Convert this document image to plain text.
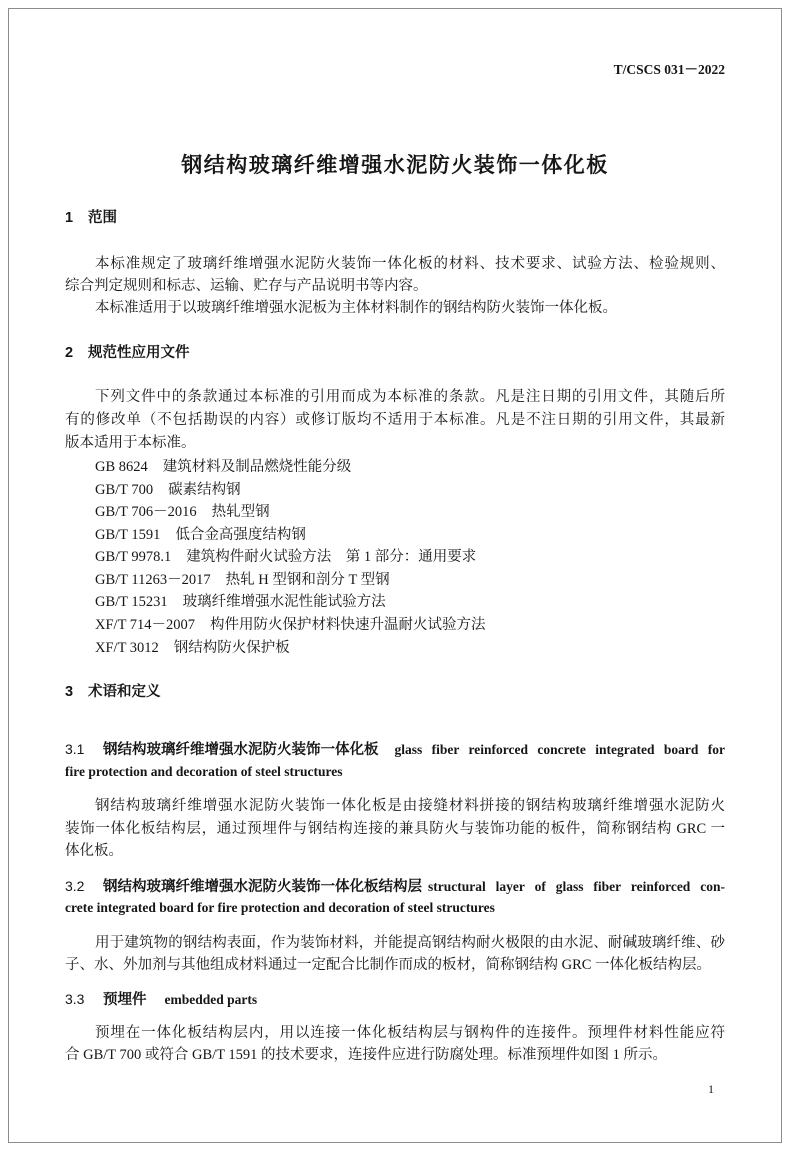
T/CSCS 031－2022
钢结构玻璃纤维增强水泥防火装饰一体化板
1 范围
本标准规定了玻璃纤维增强水泥防火装饰一体化板的材料、技术要求、试验方法、检验规则、
综合判定规则和标志、运输、贮存与产品说明书等内容。
本标准适用于以玻璃纤维增强水泥板为主体材料制作的钢结构防火装饰一体化板。
2 规范性应用文件
下列文件中的条款通过本标准的引用而成为本标准的条款。凡是注日期的引用文件，其随后所
有的修改单（不包括勘误的内容）或修订版均不适用于本标准。凡是不注日期的引用文件，其最新
版本适用于本标准。
GB 8624 建筑材料及制品燃烧性能分级
GB/T 700 碳素结构钢
GB/T 706－2016 热轧型钢
GB/T 1591 低合金高强度结构钢
GB/T 9978.1 建筑构件耐火试验方法　第 1 部分：通用要求
GB/T 11263－2017 热轧 H 型钢和剖分 T 型钢
GB/T 15231 玻璃纤维增强水泥性能试验方法
XF/T 714－2007 构件用防火保护材料快速升温耐火试验方法
XF/T 3012 钢结构防火保护板
3 术语和定义
3.1	钢结构玻璃纤维增强水泥防火装饰一体化板 glass fiber reinforced concrete integrated board for
fire protection and decoration of steel structures
钢结构玻璃纤维增强水泥防火装饰一体化板是由接缝材料拼接的钢结构玻璃纤维增强水泥防火
装饰一体化板结构层，通过预埋件与钢结构连接的兼具防火与装饰功能的板件，简称钢结构 GRC 一
体化板。
3.2	钢结构玻璃纤维增强水泥防火装饰一体化板结构层 structural layer of glass fiber reinforced con-
crete integrated board for fire protection and decoration of steel structures
用于建筑物的钢结构表面，作为装饰材料，并能提高钢结构耐火极限的由水泥、耐碱玻璃纤维、砂
子、水、外加剂与其他组成材料通过一定配合比制作而成的板材，简称钢结构 GRC 一体化板结构层。
3.3	预埋件 embedded parts
预埋在一体化板结构层内，用以连接一体化板结构层与钢构件的连接件。预埋件材料性能应符
合 GB/T 700 或符合 GB/T 1591 的技术要求，连接件应进行防腐处理。标准预埋件如图 1 所示。
1
